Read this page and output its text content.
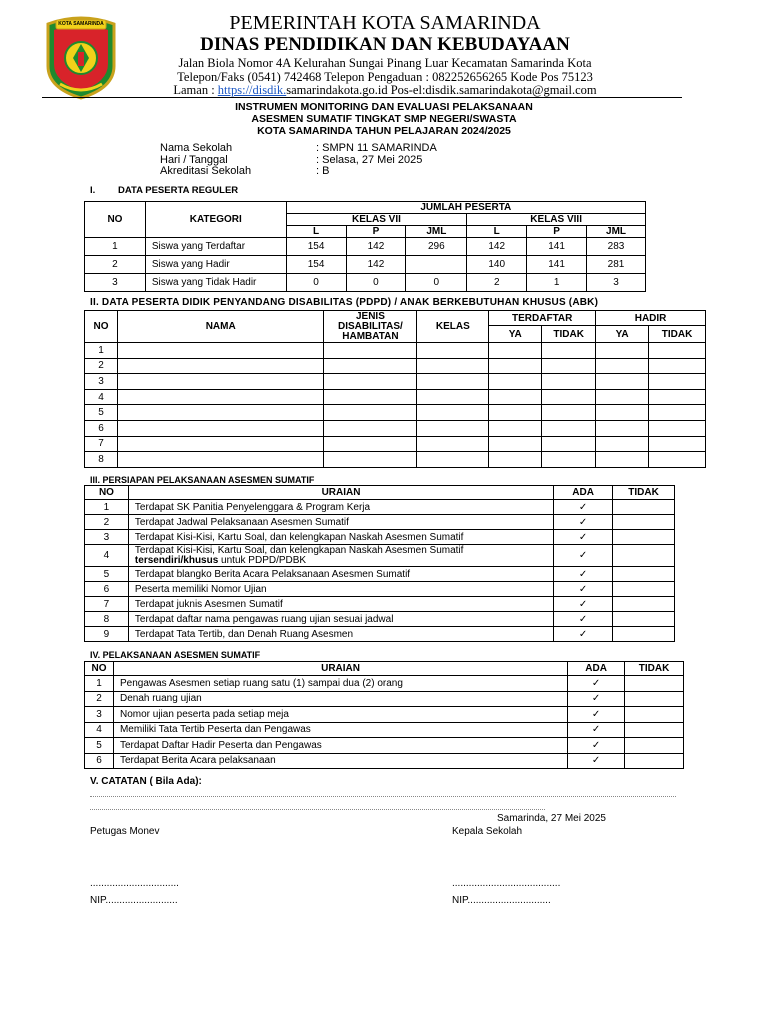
KOTA SAMARINDA	PEMERINTAH KOTA SAMARINDA
DINAS PENDIDIKAN DAN KEBUDAYAAN
Jalan Biola Nomor 4A Kelurahan Sungai Pinang Luar Kecamatan Samarinda Kota
Telepon/Faks (0541) 742468 Telepon Pengaduan : 082252656265 Kode Pos 75123
Laman : https://disdik.samarindakota.go.id Pos-el:disdik.samarindakota@gmail.com
INSTRUMEN MONITORING DAN EVALUASI PELAKSANAAN
ASESMEN SUMATIF TINGKAT SMP NEGERI/SWASTA
KOTA SAMARINDA TAHUN PELAJARAN 2024/2025
Nama Sekolah	: SMPN 11 SAMARINDA
Hari / Tanggal	: Selasa, 27 Mei 2025
Akreditasi Sekolah	: B
I. DATA PESERTA REGULER
NO	KATEGORI	JUMLAH PESERTA					
		KELAS VII			KELAS VIII		
		L	P	JML	L	P	JML
1	Siswa yang Terdaftar	154	142	296	142	141	283
2	Siswa yang Hadir	154	142		140	141	281
3	Siswa yang Tidak Hadir	0	0	0	2	1	3
II. DATA PESERTA DIDIK PENYANDANG DISABILITAS (PDPD) / ANAK BERKEBUTUHAN KHUSUS (ABK)
NO	NAMA	JENIS
DISABILITAS/
HAMBATAN	KELAS	TERDAFTAR		HADIR	
				YA	TIDAK	YA	TIDAK
1							
2							
3							
4							
5							
6							
7							
8							
III. PERSIAPAN PELAKSANAAN ASESMEN SUMATIF
NO	URAIAN	ADA	TIDAK
1	Terdapat SK Panitia Penyelenggara & Program Kerja	✓	
2	Terdapat Jadwal Pelaksanaan Asesmen Sumatif	✓	
3	Terdapat Kisi-Kisi, Kartu Soal, dan kelengkapan Naskah Asesmen Sumatif	✓	
4	Terdapat Kisi-Kisi, Kartu Soal, dan kelengkapan Naskah Asesmen Sumatif
tersendiri/khusus untuk PDPD/PDBK	✓	
5	Terdapat blangko Berita Acara Pelaksanaan Asesmen Sumatif	✓	
6	Peserta memiliki Nomor Ujian	✓	
7	Terdapat juknis Asesmen Sumatif	✓	
8	Terdapat daftar nama pengawas ruang ujian sesuai jadwal	✓	
9	Terdapat Tata Tertib, dan Denah Ruang Asesmen	✓	
IV. PELAKSANAAN ASESMEN SUMATIF
NO	URAIAN	ADA	TIDAK
1	Pengawas Asesmen setiap ruang satu (1) sampai dua (2) orang	✓	
2	Denah ruang ujian	✓	
3	Nomor ujian peserta pada setiap meja	✓	
4	Memiliki Tata Tertib Peserta dan Pengawas	✓	
5	Terdapat Daftar Hadir Peserta dan Pengawas	✓	
6	Terdapat Berita Acara pelaksanaan	✓	
V. CATATAN ( Bila Ada):
Samarinda, 27 Mei 2025
Petugas Monev	Kepala Sekolah
................................	.......................................
NIP..........................	NIP..............................
